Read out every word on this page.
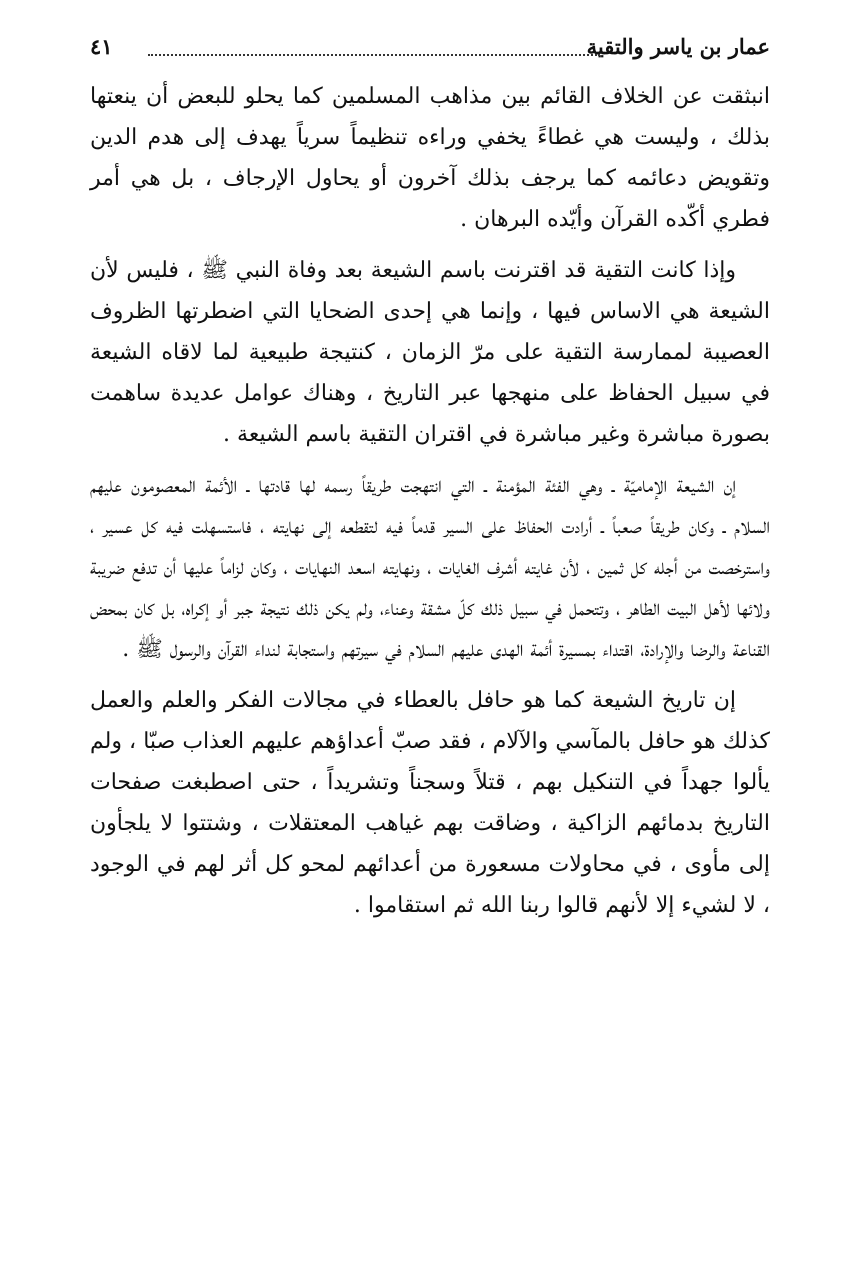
عمار بن ياسر والتقية
٤١

انبثقت عن الخلاف القائم بين مذاهب المسلمين كما يحلو للبعض أن ينعتها بذلك ، وليست هي غطاءً يخفي وراءه تنظيماً سرياً يهدف إلى هدم الدين وتقويض دعائمه كما يرجف بذلك آخرون أو يحاول الإرجاف ، بل هي أمر فطري أكّده القرآن وأيّده البرهان .

وإذا كانت التقية قد اقترنت باسم الشيعة بعد وفاة النبي ﷺ ، فليس لأن الشيعة هي الاساس فيها ، وإنما هي إحدى الضحايا التي اضطرتها الظروف العصيبة لممارسة التقية على مرّ الزمان ، كنتيجة طبيعية لما لاقاه الشيعة في سبيل الحفاظ على منهجها عبر التاريخ ، وهناك عوامل عديدة ساهمت بصورة مباشرة وغير مباشرة في اقتران التقية باسم الشيعة .

إن الشيعة الإماميّة ـ وهي الفئة المؤمنة ـ التي انتهجت طريقاً رسمه لها قادتها ـ الأئمة المعصومون عليهم السلام ـ وكان طريقاً صعباً ـ أرادت الحفاظ على السير قدماً فيه لتقطعه إلى نهايته ، فاستسهلت فيه كل عسير ، واسترخصت من أجله كل ثمين ، لأن غايته أشرف الغايات ، ونهايته اسعد النهايات ، وكان لزاماً عليها أن تدفع ضريبة ولائها لأهل البيت الطاهر ، وتتحمل في سبيل ذلك كلّ مشقة وعناء، ولم يكن ذلك نتيجة جبر أو إكراه، بل كان بمحض القناعة والرضا والإرادة، اقتداء بمسيرة أئمة الهدى عليهم السلام في سيرتهم واستجابة لنداء القرآن والرسول ﷺ .

إن تاريخ الشيعة كما هو حافل بالعطاء في مجالات الفكر والعلم والعمل كذلك هو حافل بالمآسي والآلام ، فقد صبّ أعداؤهم عليهم العذاب صبّا ، ولم يألوا جهداً في التنكيل بهم ، قتلاً وسجناً وتشريداً ، حتى اصطبغت صفحات التاريخ بدمائهم الزاكية ، وضاقت بهم غياهب المعتقلات ، وشتتوا لا يلجأون إلى مأوى ، في محاولات مسعورة من أعدائهم لمحو كل أثر لهم في الوجود ، لا لشيء إلا لأنهم قالوا ربنا الله ثم استقاموا .
